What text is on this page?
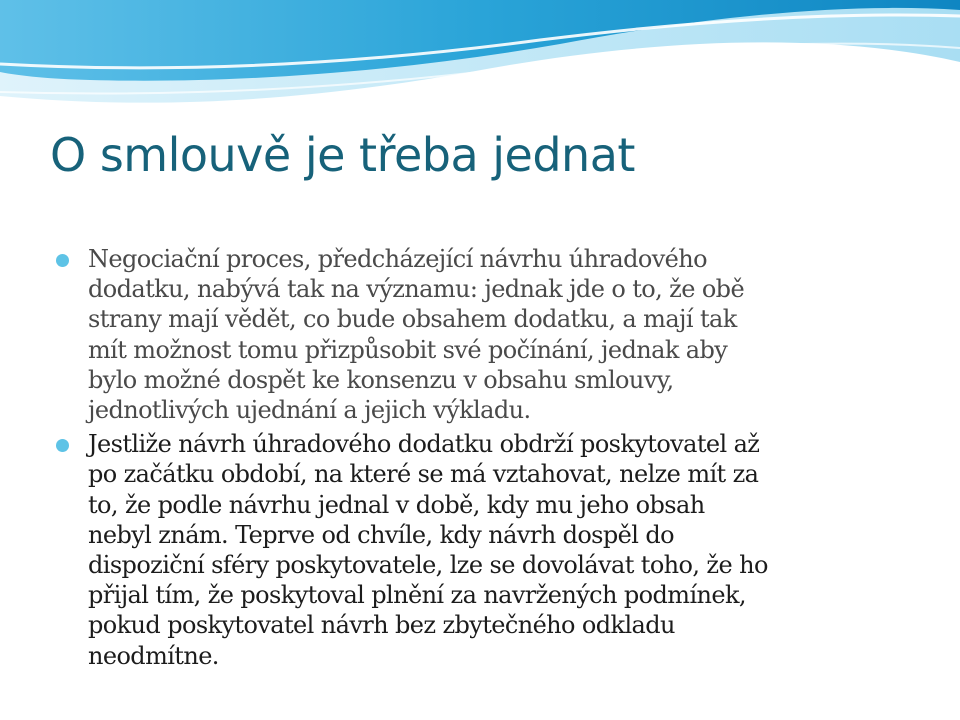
O smlouvě je třeba jednat

Negociační proces, předcházející návrhu úhradového
dodatku, nabývá tak na významu: jednak jde o to, že obě
strany mají vědět, co bude obsahem dodatku, a mají tak
mít možnost tomu přizpůsobit své počínání, jednak aby
bylo možné dospět ke konsenzu v obsahu smlouvy,
jednotlivých ujednání a jejich výkladu.

Jestliže návrh úhradového dodatku obdrží poskytovatel až
po začátku období, na které se má vztahovat, nelze mít za
to, že podle návrhu jednal v době, kdy mu jeho obsah
nebyl znám. Teprve od chvíle, kdy návrh dospěl do
dispoziční sféry poskytovatele, lze se dovolávat toho, že ho
přijal tím, že poskytoval plnění za navržených podmínek,
pokud poskytovatel návrh bez zbytečného odkladu
neodmítne.
